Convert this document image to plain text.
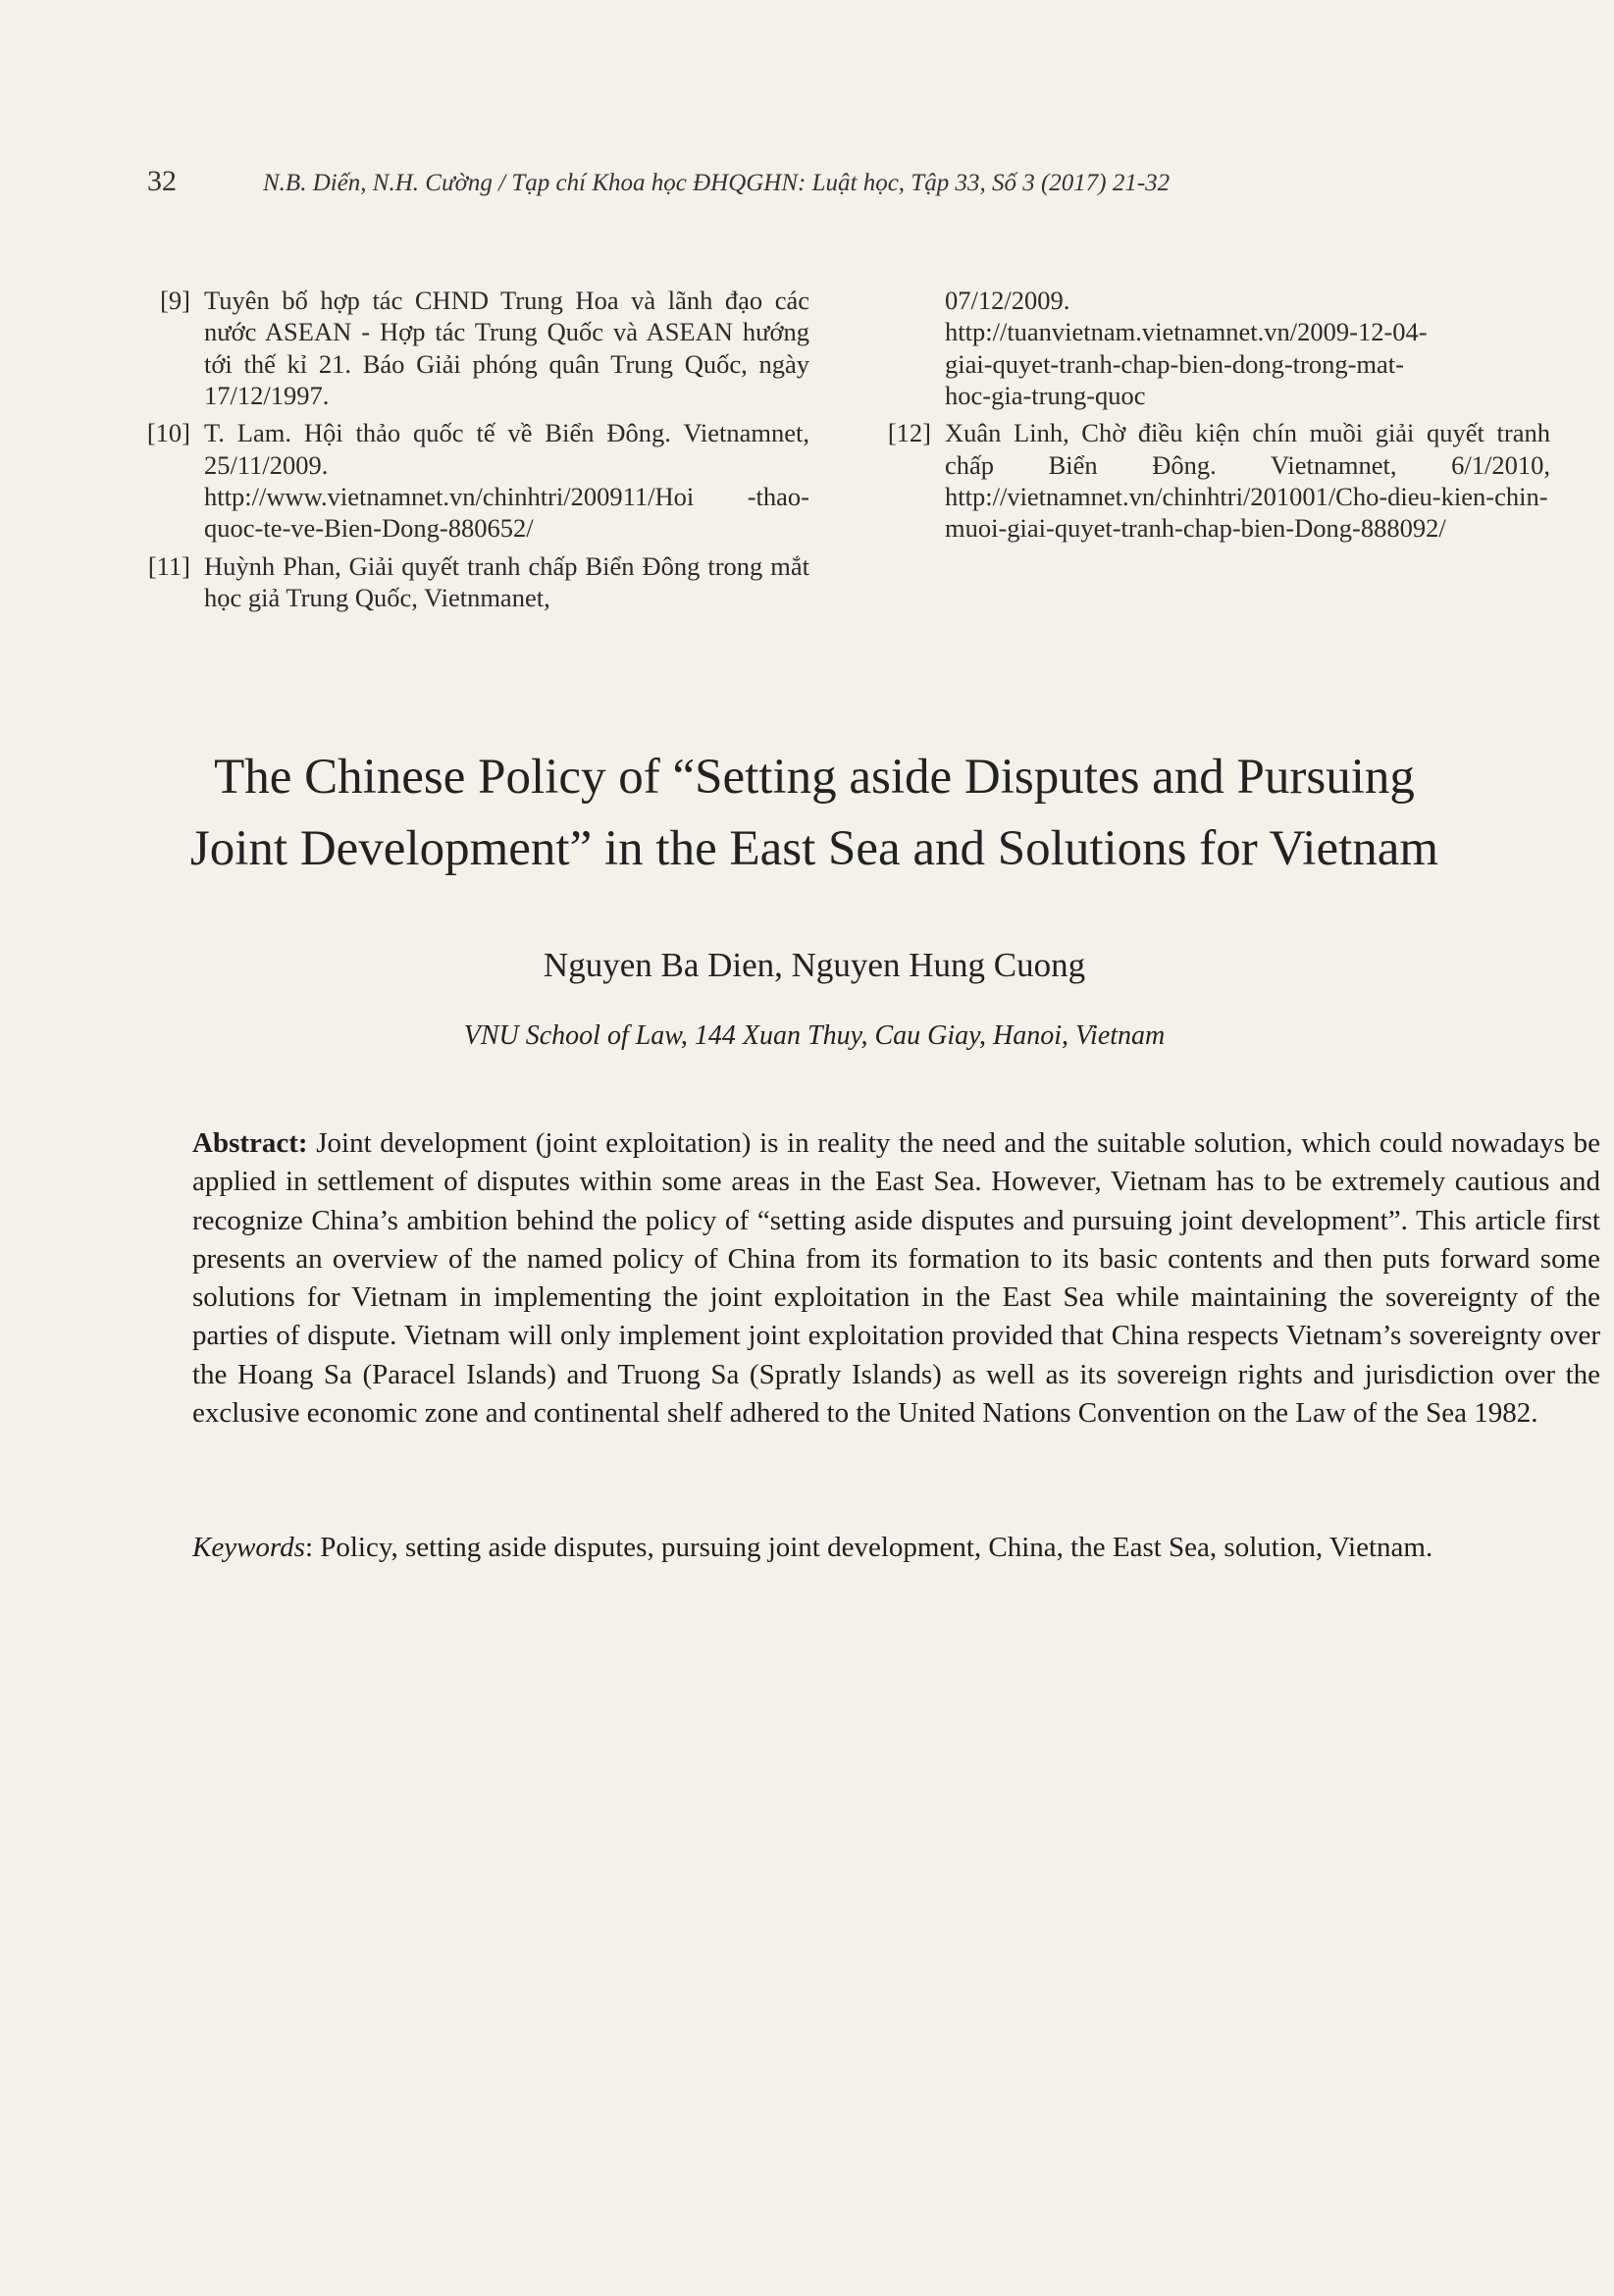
32	N.B. Diến, N.H. Cường / Tạp chí Khoa học ĐHQGHN: Luật học, Tập 33, Số 3 (2017) 21-32
[9] Tuyên bố hợp tác CHND Trung Hoa và lãnh đạo các nước ASEAN - Hợp tác Trung Quốc và ASEAN hướng tới thế kỉ 21. Báo Giải phóng quân Trung Quốc, ngày 17/12/1997.
[10] T. Lam. Hội thảo quốc tế về Biển Đông. Vietnamnet, 25/11/2009. http://www.vietnamnet.vn/chinhtri/200911/Hoi -thao-quoc-te-ve-Bien-Dong-880652/
[11] Huỳnh Phan, Giải quyết tranh chấp Biển Đông trong mắt học giả Trung Quốc, Vietnmanet,
07/12/2009.
http://tuanvietnam.vietnamnet.vn/2009-12-04-
giai-quyet-tranh-chap-bien-dong-trong-mat-
hoc-gia-trung-quoc
[12] Xuân Linh, Chờ điều kiện chín muồi giải quyết tranh chấp Biển Đông. Vietnamnet, 6/1/2010, http://vietnamnet.vn/chinhtri/201001/Cho-dieu-kien-chin-muoi-giai-quyet-tranh-chap-bien-Dong-888092/
The Chinese Policy of “Setting aside Disputes and Pursuing
Joint Development” in the East Sea and Solutions for Vietnam
Nguyen Ba Dien, Nguyen Hung Cuong
VNU School of Law, 144 Xuan Thuy, Cau Giay, Hanoi, Vietnam
Abstract: Joint development (joint exploitation) is in reality the need and the suitable solution, which could nowadays be applied in settlement of disputes within some areas in the East Sea. However, Vietnam has to be extremely cautious and recognize China’s ambition behind the policy of “setting aside disputes and pursuing joint development”. This article first presents an overview of the named policy of China from its formation to its basic contents and then puts forward some solutions for Vietnam in implementing the joint exploitation in the East Sea while maintaining the sovereignty of the parties of dispute. Vietnam will only implement joint exploitation provided that China respects Vietnam’s sovereignty over the Hoang Sa (Paracel Islands) and Truong Sa (Spratly Islands) as well as its sovereign rights and jurisdiction over the exclusive economic zone and continental shelf adhered to the United Nations Convention on the Law of the Sea 1982.
Keywords: Policy, setting aside disputes, pursuing joint development, China, the East Sea, solution, Vietnam.
